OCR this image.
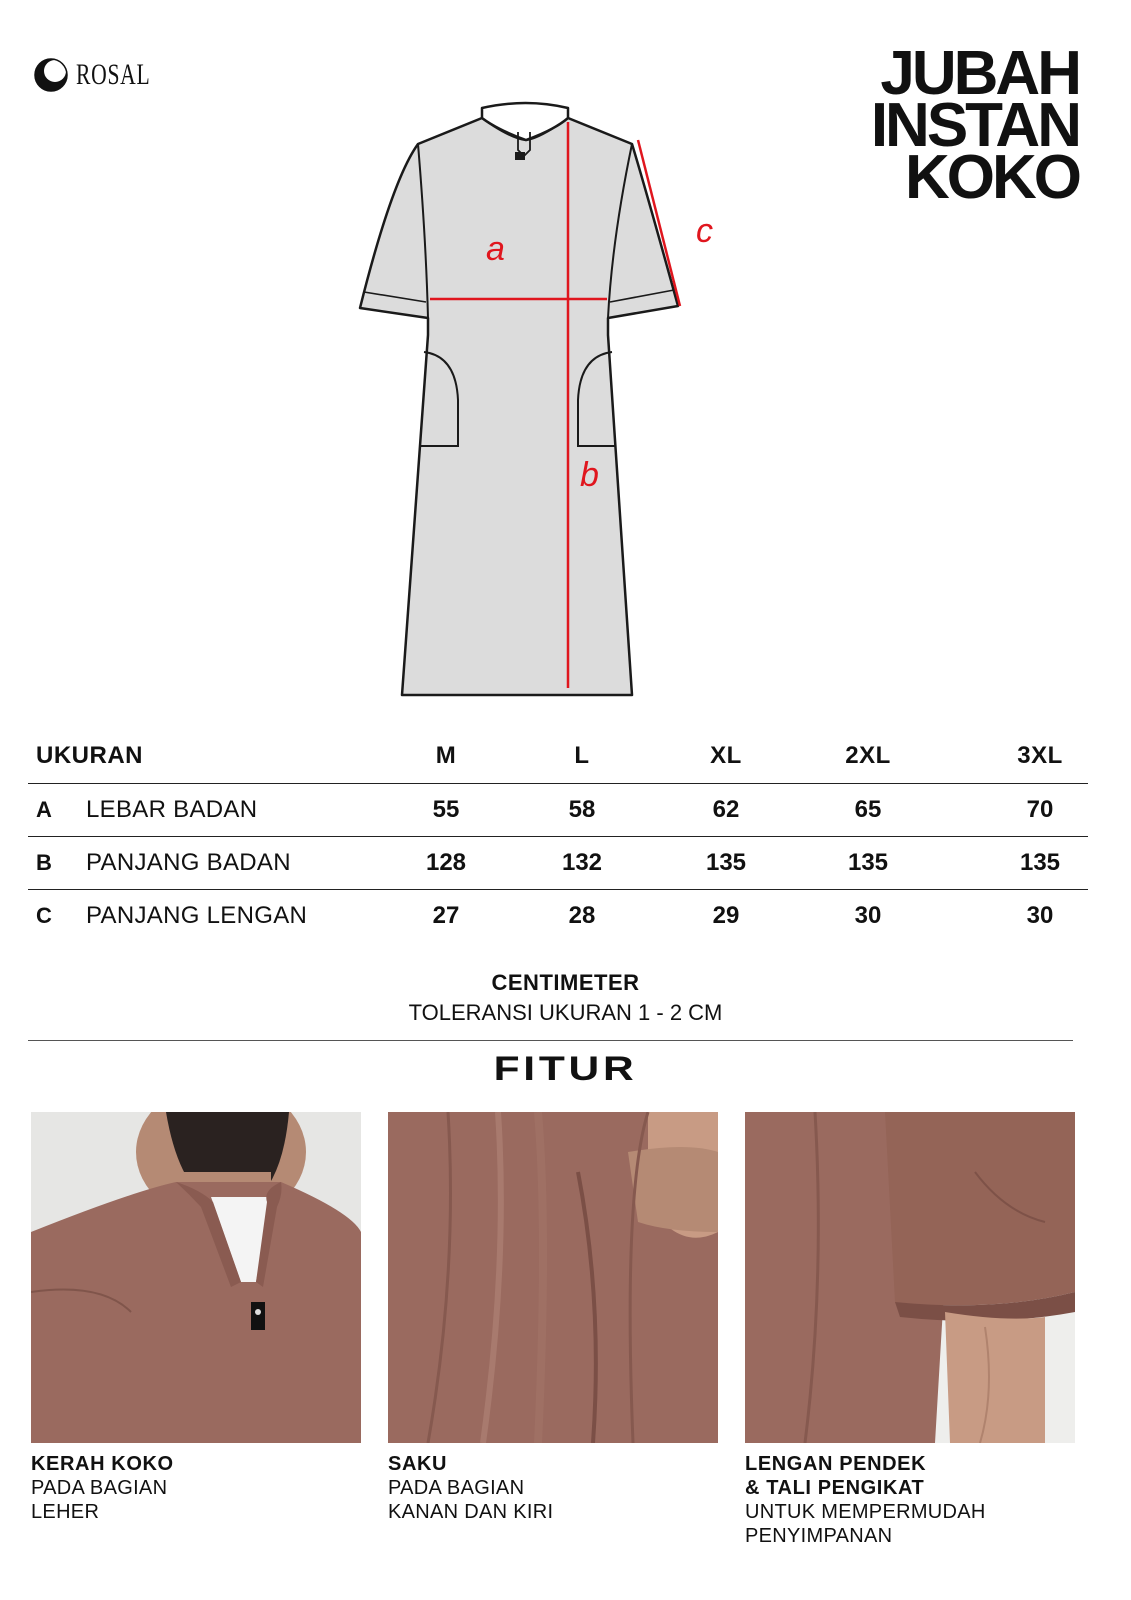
ROSAL	JUBAH
INSTAN
KOKO
a
b
c
UKURAN	M	L	XL	2XL	3XL
A LEBAR BADAN	55	58	62	65	70
B PANJANG BADAN	128	132	135	135	135
C PANJANG LENGAN	27	28	29	30	30
CENTIMETER
TOLERANSI UKURAN 1 - 2 CM
FITUR
KERAH KOKO
PADA BAGIAN
LEHER
SAKU
PADA BAGIAN
KANAN DAN KIRI
LENGAN PENDEK
& TALI PENGIKAT
UNTUK MEMPERMUDAH
PENYIMPANAN
